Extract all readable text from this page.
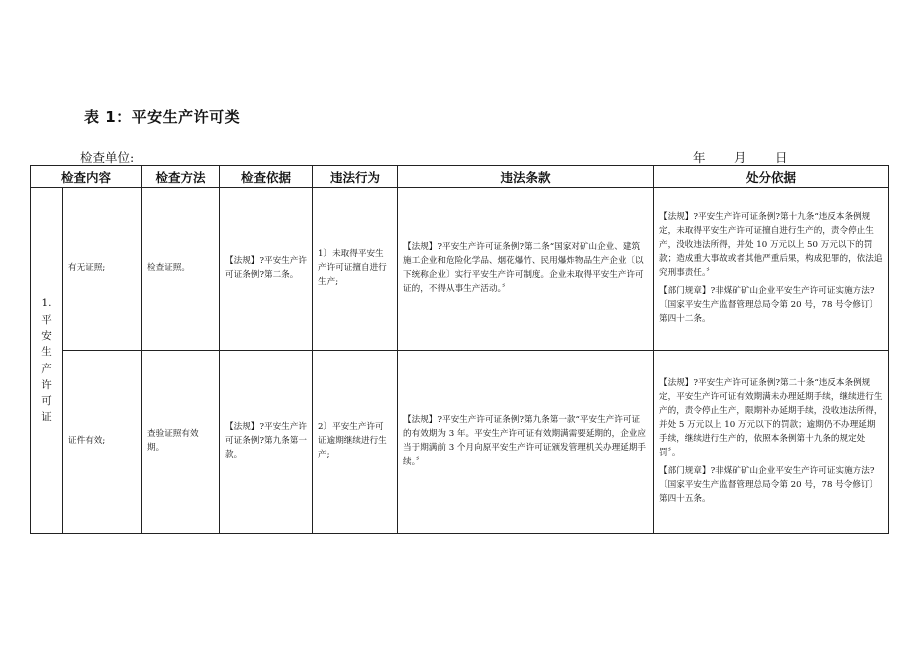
表 1：平安生产许可类
检查单位:	年 月 日
检查内容		检查方法	检查依据	违法行为	违法条款	处分依据
1.平安生产许可证	有无证照;	检查证照。	【法规】?平安生产许可证条例?第二条。	1〕未取得平安生产许可证擅自进行生产;	【法规】?平安生产许可证条例?第二条“国家对矿山企业、建筑施工企业和危险化学品、烟花爆竹、民用爆炸物品生产企业〔以下统称企业〕实行平安生产许可制度。企业未取得平安生产许可证的，不得从事生产活动。〞	【法规】?平安生产许可证条例?第十九条“违反本条例规定，未取得平安生产许可证擅自进行生产的，责令停止生产，没收违法所得，并处 10 万元以上 50 万元以下的罚款；造成重大事故或者其他严重后果，构成犯罪的，依法追究刑事责任。〞
【部门规章】?非煤矿矿山企业平安生产许可证实施方法?〔国家平安生产监督管理总局令第 20 号，78 号令修订〕第四十二条。

	证件有效;	查验证照有效期。	【法规】?平安生产许可证条例?第九条第一款。	2〕平安生产许可证逾期继续进行生产;	【法规】?平安生产许可证条例?第九条第一款“平安生产许可证的有效期为 3 年。平安生产许可证有效期满需要延期的，企业应当于期满前 3 个月向原平安生产许可证颁发管理机关办理延期手续。〞	【法规】?平安生产许可证条例?第二十条“违反本条例规定，平安生产许可证有效期满未办理延期手续，继续进行生产的，责令停止生产，限期补办延期手续，没收违法所得，并处 5 万元以上 10 万元以下的罚款；逾期仍不办理延期手续，继续进行生产的，依照本条例第十九条的规定处罚〞。
【部门规章】?非煤矿矿山企业平安生产许可证实施方法?〔国家平安生产监督管理总局令第 20 号，78 号令修订〕第四十五条。
